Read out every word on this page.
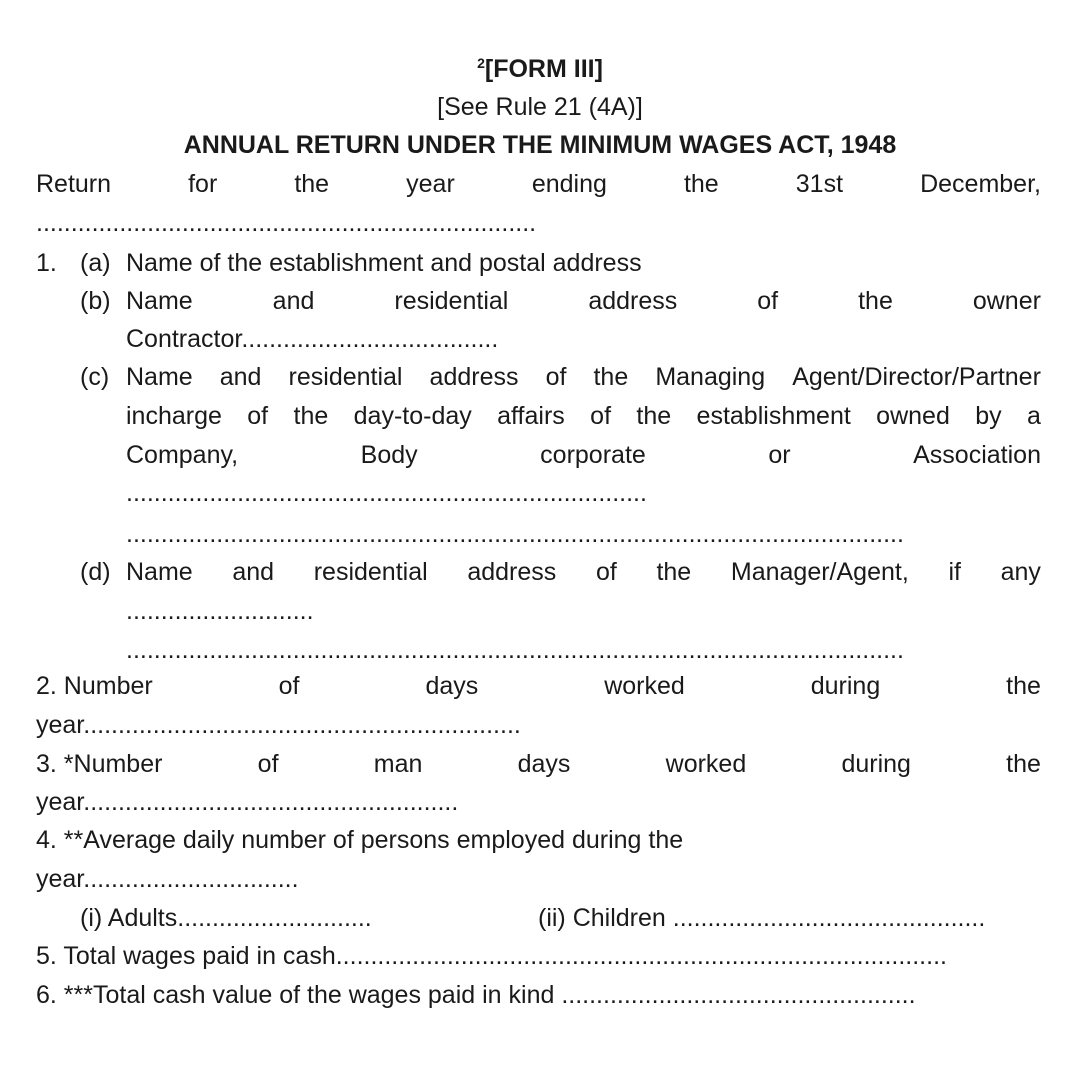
$^2$[FORM III]
[See Rule 21 (4A)]
ANNUAL RETURN UNDER THE MINIMUM WAGES ACT, 1948
Return	for	the	year	ending	the	31st	December,
........................................................................
1. (a) Name of the establishment and postal address
(b) Name	and	residential	address	of	the	owner
Contractor.....................................
(c) Name and residential address of the Managing Agent/Director/Partner
incharge of the day-to-day affairs of the establishment owned by a
Company,	Body	corporate	or	Association
...........................................................................
................................................................................................................
(d) Name and residential address of the Manager/Agent, if any
...........................
................................................................................................................
2. Number	of	days	worked	during	the
year...............................................................
3. *Number	of	man	days	worked	during	the
year......................................................
4. **Average daily number of persons employed during the
year...............................
(i) Adults............................	(ii) Children .............................................
5. Total wages paid in cash........................................................................................
6. ***Total cash value of the wages paid in kind ...................................................
